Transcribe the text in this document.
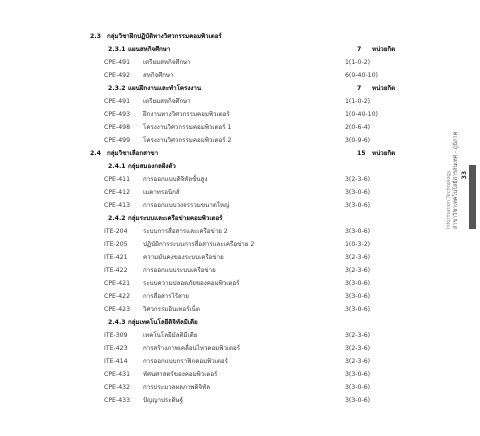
2.3 กลุ่มวิชาฝึกปฏิบัติทางวิศวกรรมคอมพิวเตอร์
2.3.1 แผนสหกิจศึกษา	7 หน่วยกิต
CPE-491 เตรียมสหกิจศึกษา	1(1-0-2)
CPE-492 สหกิจศึกษา	6(0-40-10)
2.3.2 แผนฝึกงานและทำโครงงาน	7 หน่วยกิต
CPE-491 เตรียมสหกิจศึกษา	1(1-0-2)
CPE-493 ฝึกงานทางวิศวกรรมคอมพิวเตอร์	1(0-40-10)
CPE-498 โครงงานวิศวกรรมคอมพิวเตอร์ 1	2(0-6-4)
CPE-499 โครงงานวิศวกรรมคอมพิวเตอร์ 2	3(0-9-6)
2.4 กลุ่มวิชาเลือกสาขา	15 หน่วยกิต
2.4.1 กลุ่มสมองกลฝังตัว
CPE-411 การออกแบบดิจิทัลขั้นสูง	3(2-3-6)
CPE-412 เมคาทรอนิกส์	3(3-0-6)
CPE-413 การออกแบบวงจรรวมขนาดใหญ่	3(3-0-6)
2.4.2 กลุ่มระบบและเครือข่ายคอมพิวเตอร์
ITE-204 ระบบการสื่อสารและเครือข่าย 2	3(3-0-6)
ITE-205 ปฏิบัติการระบบการสื่อสารและเครือข่าย 2	1(0-3-2)
ITE-421 ความมั่นคงของระบบเครือข่าย	3(2-3-6)
ITE-422 การออกแบบระบบเครือข่าย	3(2-3-6)
CPE-421 ระบบความปลอดภัยของคอมพิวเตอร์	3(3-0-6)
CPE-422 การสื่อสารไร้สาย	3(3-0-6)
CPE-423 วิศวกรรมอินเทอร์เน็ต	3(3-0-6)
2.4.3 กลุ่มเทคโนโลยีดิจิทัลมีเดีย
ITE-309 เทคโนโลยีมัลติมีเดีย	3(2-3-6)
ITE-423 การสร้างภาพเคลื่อนไหวคอมพิวเตอร์	3(2-3-6)
ITE-414 การออกแบบกราฟิกคอมพิวเตอร์	3(2-3-6)
CPE-431 ทัศนศาสตร์ของคอมพิวเตอร์	3(3-0-6)
CPE-432 การประมวลผลภาพดิจิทัล	3(3-0-6)
CPE-433 ปัญญาประดิษฐ์	3(3-0-6)
33
สาขาวิชาเทคโนโลยีสารสนเทศ - ภูมิภาค
Information Technology
